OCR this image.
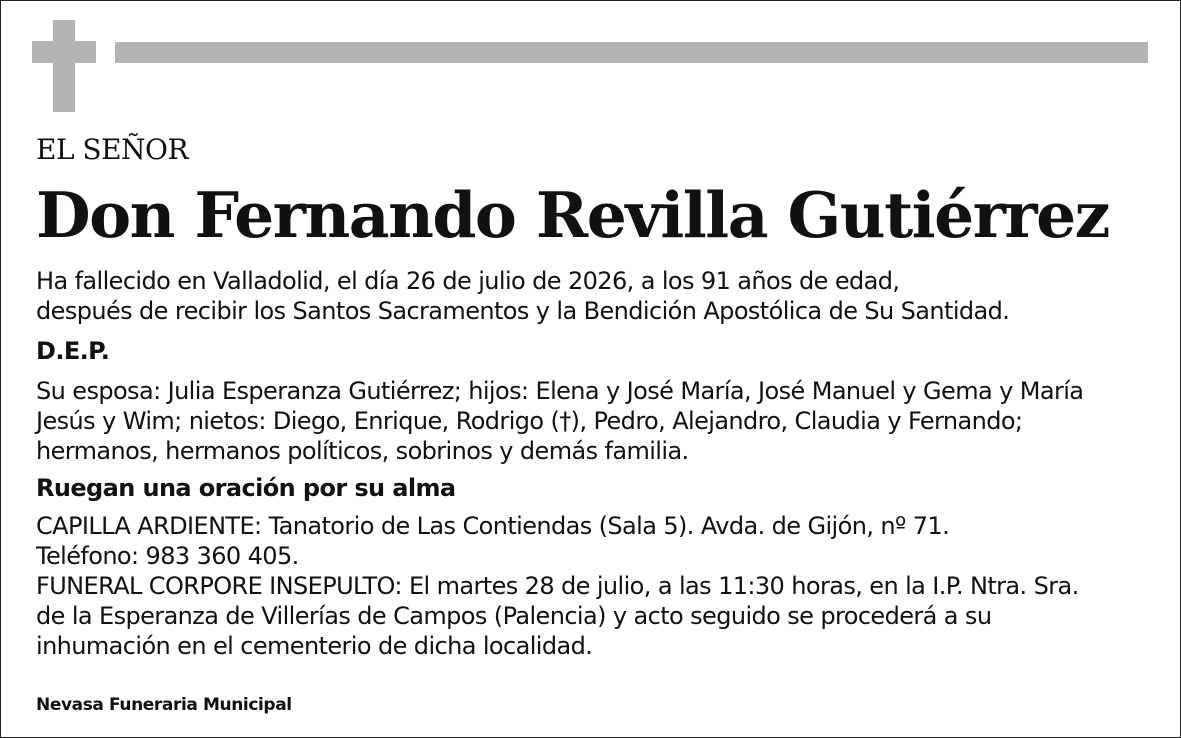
EL SEÑOR

Don Fernando Revilla Gutiérrez

Ha fallecido en Valladolid, el día 26 de julio de 2026, a los 91 años de edad,
después de recibir los Santos Sacramentos y la Bendición Apostólica de Su Santidad.

D.E.P.

Su esposa: Julia Esperanza Gutiérrez; hijos: Elena y José María, José Manuel y Gema y María
Jesús y Wim; nietos: Diego, Enrique, Rodrigo (†), Pedro, Alejandro, Claudia y Fernando;
hermanos, hermanos políticos, sobrinos y demás familia.

Ruegan una oración por su alma

CAPILLA ARDIENTE: Tanatorio de Las Contiendas (Sala 5). Avda. de Gijón, nº 71.
Teléfono: 983 360 405.
FUNERAL CORPORE INSEPULTO: El martes 28 de julio, a las 11:30 horas, en la I.P. Ntra. Sra.
de la Esperanza de Villerías de Campos (Palencia) y acto seguido se procederá a su
inhumación en el cementerio de dicha localidad.

Nevasa Funeraria Municipal
